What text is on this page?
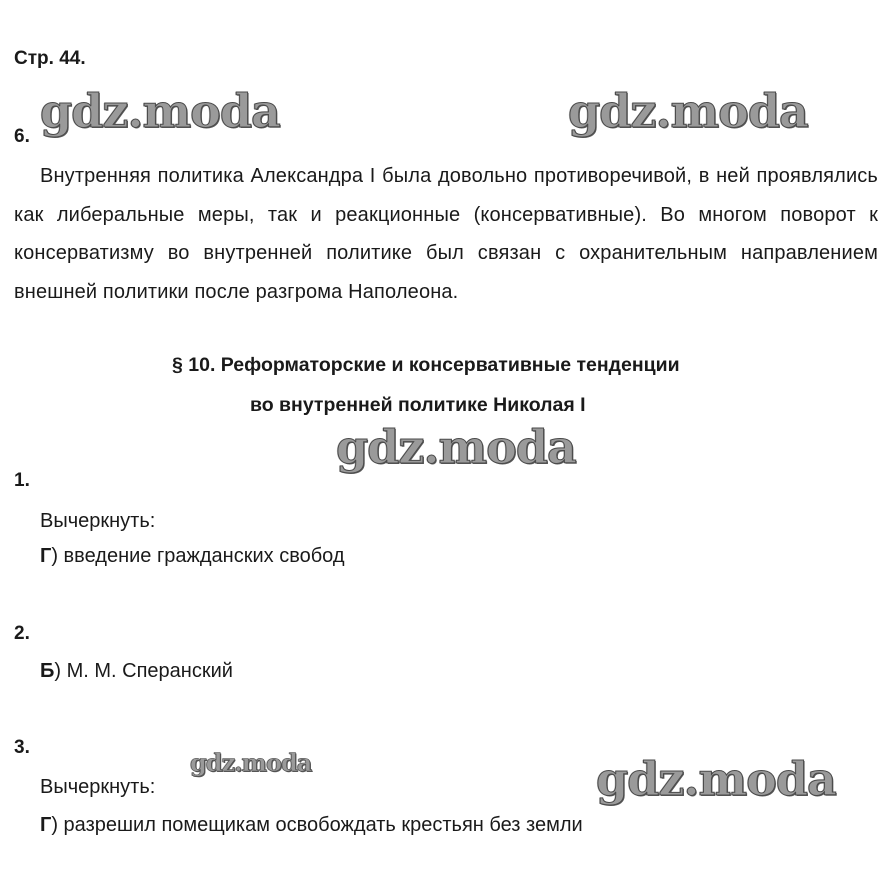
gdz.moda	gdz.moda
gdz.moda
gdz.moda	gdz.moda
Стр. 44.
6.
Внутренняя политика Александра I была довольно противоречивой, в ней проявлялись как либеральные меры, так и реакционные (консервативные). Во многом поворот к консерватизму во внутренней политике был связан с охранительным направлением внешней политики после разгрома Наполеона.
§ 10. Реформаторские и консервативные тенденции
во внутренней политике Николая I
1.
Вычеркнуть:
Г) введение гражданских свобод
2.
Б) М. М. Сперанский
3.
Вычеркнуть:
Г) разрешил помещикам освобождать крестьян без земли
